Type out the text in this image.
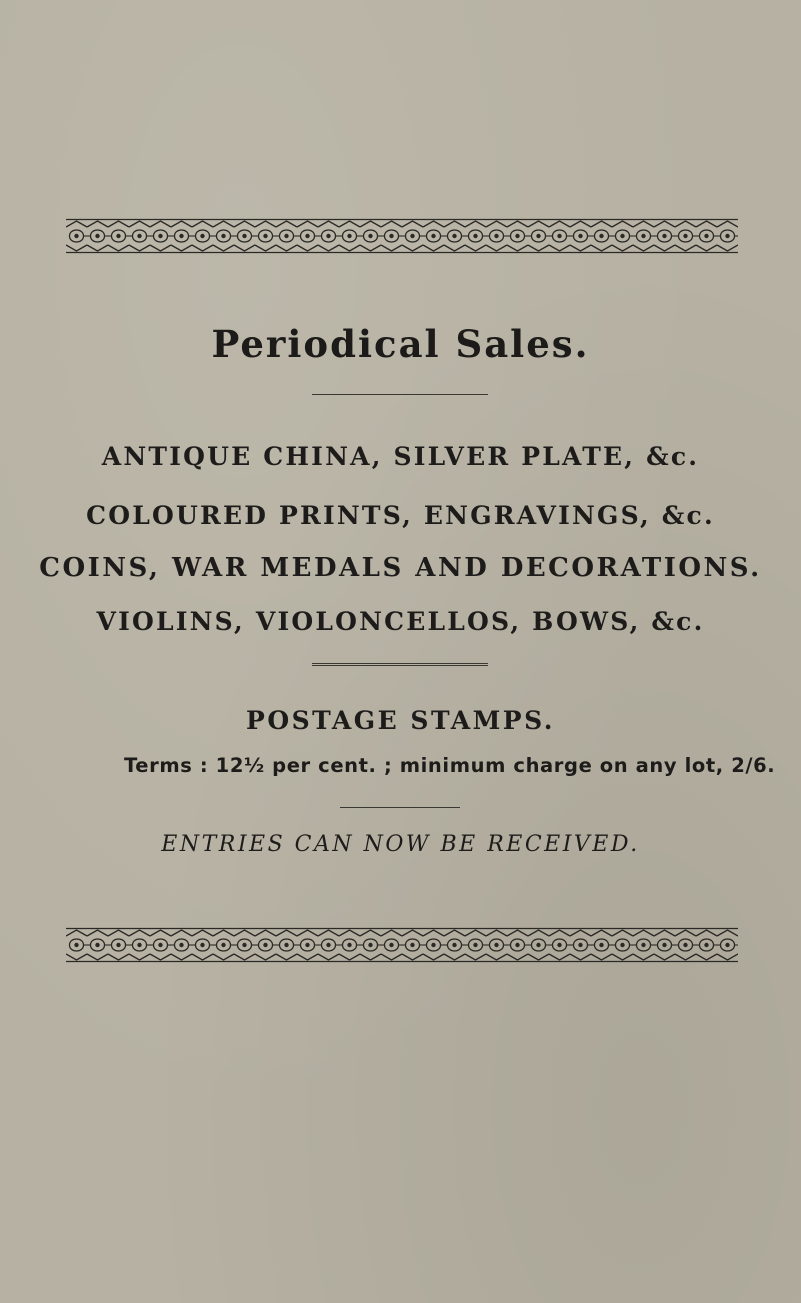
Periodical Sales.
ANTIQUE CHINA, SILVER PLATE, &c.
COLOURED PRINTS, ENGRAVINGS, &c.
COINS, WAR MEDALS AND DECORATIONS.
VIOLINS, VIOLONCELLOS, BOWS, &c.
POSTAGE STAMPS.
Terms : 12½ per cent. ; minimum charge on any lot, 2/6.
ENTRIES CAN NOW BE RECEIVED.
